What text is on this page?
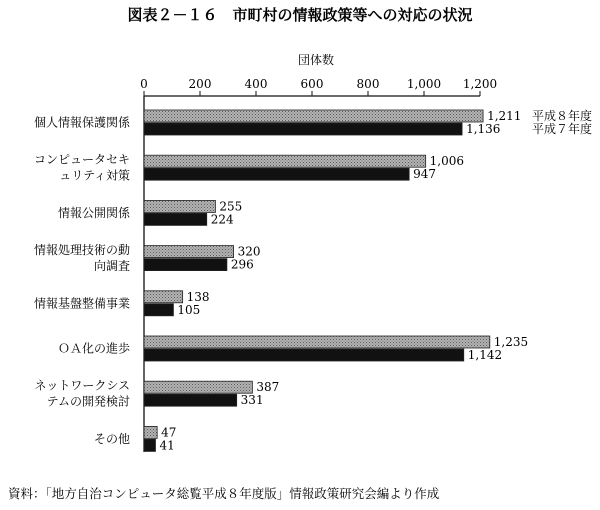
図表２－１６　市町村の情報政策等への対応の状況
団体数
0	200	400	600	800 1,000 1,200
1,211
1,136
1,006
947
255
224
320
296
138
105
1,235
1,142
387
331
47
41
個人情報保護関係
コンピュータセキ
ュリティ対策
情報公開関係
情報処理技術の動
向調査
情報基盤整備事業
ＯＡ化の進歩
ネットワークシス
テムの開発検討
その他
平成８年度
平成７年度
資料：「地方自治コンピュータ総覧平成８年度版」情報政策研究会編より作成
